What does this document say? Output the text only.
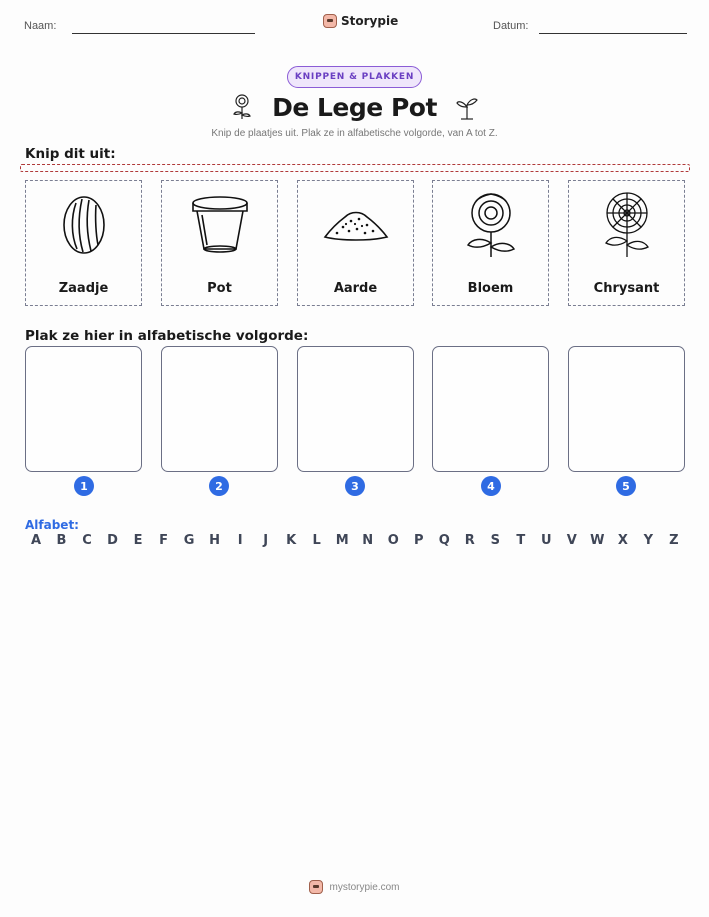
Naam:	Storypie	Datum:
KNIPPEN & PLAKKEN
De Lege Pot
Knip de plaatjes uit. Plak ze in alfabetische volgorde, van A tot Z.
Knip dit uit:
Zaadje	Pot	Aarde	Bloem	Chrysant
Plak ze hier in alfabetische volgorde:
1	2	3	4	5
Alfabet:
A	B	C	D	E	F	G	H	I	J	K	L	M	N	O	P	Q	R	S	T	U	V	W	X	Y	Z
mystorypie.com
